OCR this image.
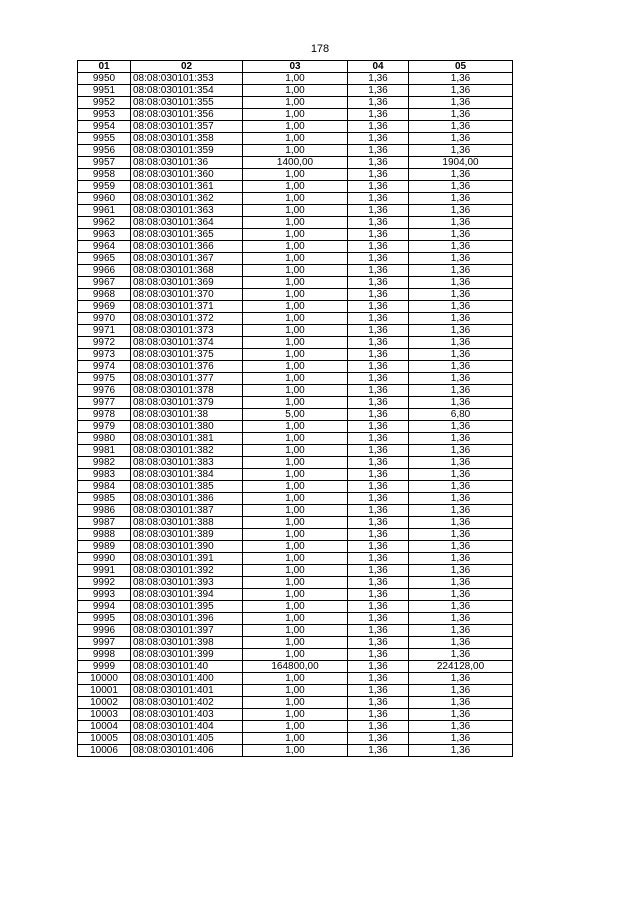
178
01	02	03	04	05
9950	08:08:030101:353	1,00	1,36	1,36
9951	08:08:030101:354	1,00	1,36	1,36
9952	08:08:030101:355	1,00	1,36	1,36
9953	08:08:030101:356	1,00	1,36	1,36
9954	08:08:030101:357	1,00	1,36	1,36
9955	08:08:030101:358	1,00	1,36	1,36
9956	08:08:030101:359	1,00	1,36	1,36
9957	08:08:030101:36	1400,00	1,36	1904,00
9958	08:08:030101:360	1,00	1,36	1,36
9959	08:08:030101:361	1,00	1,36	1,36
9960	08:08:030101:362	1,00	1,36	1,36
9961	08:08:030101:363	1,00	1,36	1,36
9962	08:08:030101:364	1,00	1,36	1,36
9963	08:08:030101:365	1,00	1,36	1,36
9964	08:08:030101:366	1,00	1,36	1,36
9965	08:08:030101:367	1,00	1,36	1,36
9966	08:08:030101:368	1,00	1,36	1,36
9967	08:08:030101:369	1,00	1,36	1,36
9968	08:08:030101:370	1,00	1,36	1,36
9969	08:08:030101:371	1,00	1,36	1,36
9970	08:08:030101:372	1,00	1,36	1,36
9971	08:08:030101:373	1,00	1,36	1,36
9972	08:08:030101:374	1,00	1,36	1,36
9973	08:08:030101:375	1,00	1,36	1,36
9974	08:08:030101:376	1,00	1,36	1,36
9975	08:08:030101:377	1,00	1,36	1,36
9976	08:08:030101:378	1,00	1,36	1,36
9977	08:08:030101:379	1,00	1,36	1,36
9978	08:08:030101:38	5,00	1,36	6,80
9979	08:08:030101:380	1,00	1,36	1,36
9980	08:08:030101:381	1,00	1,36	1,36
9981	08:08:030101:382	1,00	1,36	1,36
9982	08:08:030101:383	1,00	1,36	1,36
9983	08:08:030101:384	1,00	1,36	1,36
9984	08:08:030101:385	1,00	1,36	1,36
9985	08:08:030101:386	1,00	1,36	1,36
9986	08:08:030101:387	1,00	1,36	1,36
9987	08:08:030101:388	1,00	1,36	1,36
9988	08:08:030101:389	1,00	1,36	1,36
9989	08:08:030101:390	1,00	1,36	1,36
9990	08:08:030101:391	1,00	1,36	1,36
9991	08:08:030101:392	1,00	1,36	1,36
9992	08:08:030101:393	1,00	1,36	1,36
9993	08:08:030101:394	1,00	1,36	1,36
9994	08:08:030101:395	1,00	1,36	1,36
9995	08:08:030101:396	1,00	1,36	1,36
9996	08:08:030101:397	1,00	1,36	1,36
9997	08:08:030101:398	1,00	1,36	1,36
9998	08:08:030101:399	1,00	1,36	1,36
9999	08:08:030101:40	164800,00	1,36	224128,00
10000	08:08:030101:400	1,00	1,36	1,36
10001	08:08:030101:401	1,00	1,36	1,36
10002	08:08:030101:402	1,00	1,36	1,36
10003	08:08:030101:403	1,00	1,36	1,36
10004	08:08:030101:404	1,00	1,36	1,36
10005	08:08:030101:405	1,00	1,36	1,36
10006	08:08:030101:406	1,00	1,36	1,36
